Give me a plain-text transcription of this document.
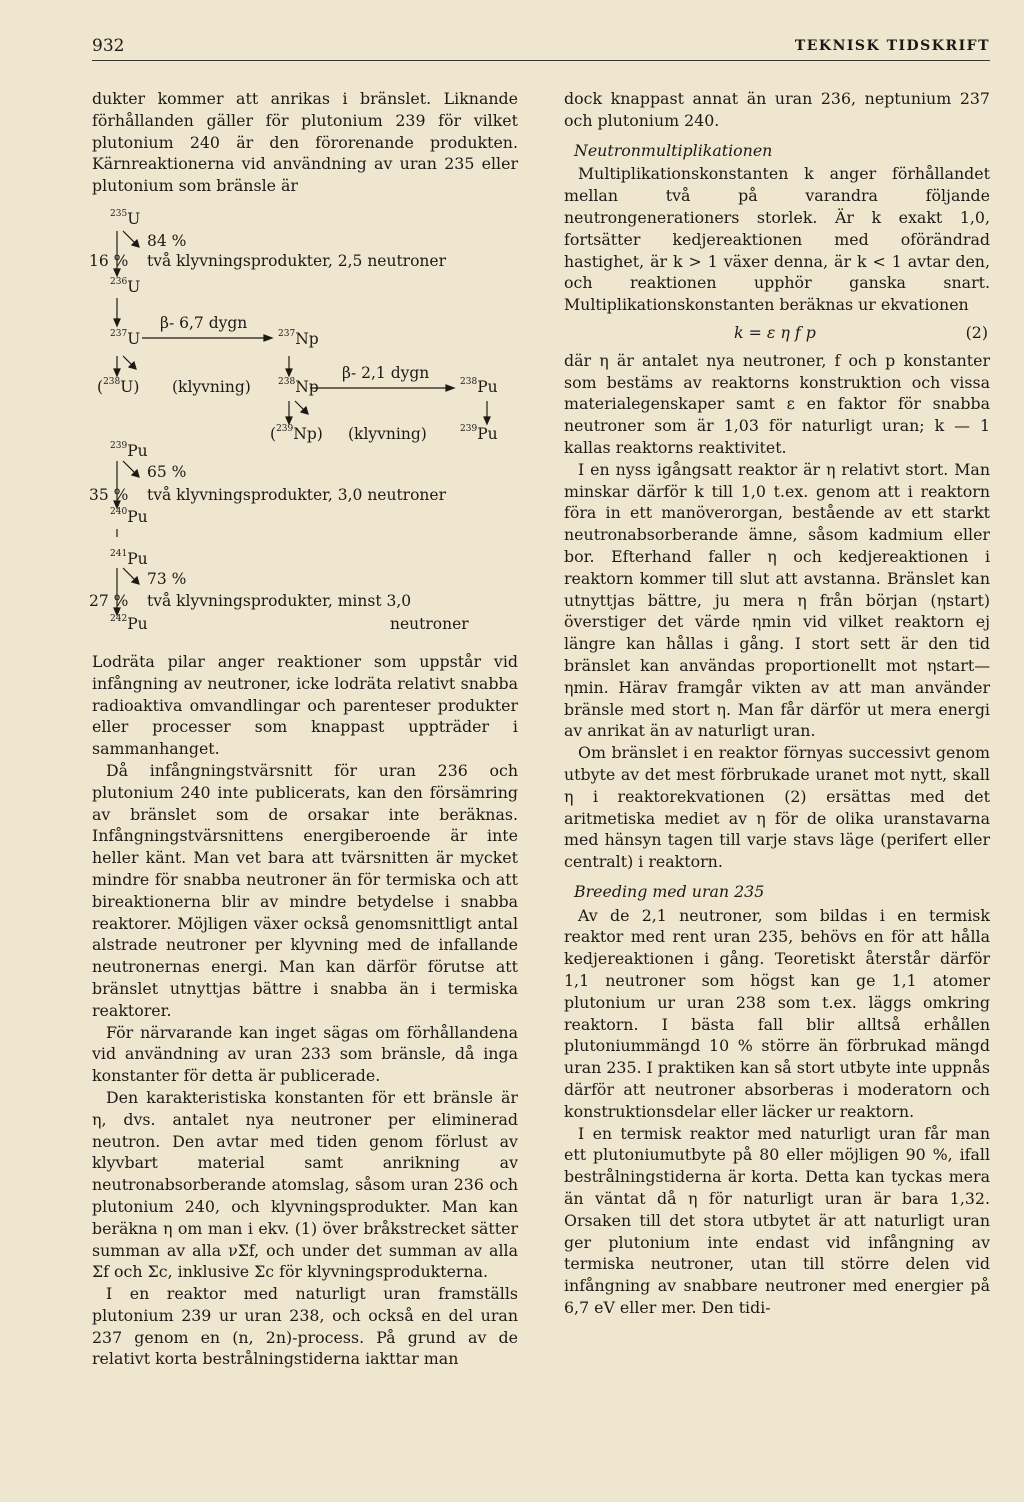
932	TEKNISK TIDSKRIFT

dukter kommer att anrikas i bränslet. Liknande förhållanden gäller för plutonium 239 för vilket plutonium 240 är den förorenande produkten. Kärnreaktionerna vid användning av uran 235 eller plutonium som bränsle är

$^{235}$U
84 %
16 % två klyvningsprodukter, 2,5 neutroner
$^{236}$U
β- 6,7 dygn
$^{237}$U	$^{237}$Np
($^{238}$U) (klyvning)	$^{238}$Np
β- 2,1 dygn	$^{238}$Pu
($^{239}$Np) (klyvning)	$^{239}$Pu
$^{239}$Pu
65 %
35 % två klyvningsprodukter, 3,0 neutroner
$^{240}$Pu
$^{241}$Pu
73 %
27 % två klyvningsprodukter, minst 3,0
$^{242}$Pu	neutroner

Lodräta pilar anger reaktioner som uppstår vid infångning av neutroner, icke lodräta relativt snabba radioaktiva omvandlingar och parenteser produkter eller processer som knappast uppträder i sammanhanget.

Då infångningstvärsnitt för uran 236 och plutonium 240 inte publicerats, kan den försämring av bränslet som de orsakar inte beräknas. Infångningstvärsnittens energiberoende är inte heller känt. Man vet bara att tvärsnitten är mycket mindre för snabba neutroner än för termiska och att bireaktionerna blir av mindre betydelse i snabba reaktorer. Möjligen växer också genomsnittligt antal alstrade neutroner per klyvning med de infallande neutronernas energi. Man kan därför förutse att bränslet utnyttjas bättre i snabba än i termiska reaktorer.

För närvarande kan inget sägas om förhållandena vid användning av uran 233 som bränsle, då inga konstanter för detta är publicerade.

Den karakteristiska konstanten för ett bränsle är η, dvs. antalet nya neutroner per eliminerad neutron. Den avtar med tiden genom förlust av klyvbart material samt anrikning av neutronabsorberande atomslag, såsom uran 236 och plutonium 240, och klyvningsprodukter. Man kan beräkna η om man i ekv. (1) över bråkstrecket sätter summan av alla νΣf, och under det summan av alla Σf och Σc, inklusive Σc för klyvningsprodukterna.

I en reaktor med naturligt uran framställs plutonium 239 ur uran 238, och också en del uran 237 genom en (n, 2n)-process. På grund av de relativt korta bestrålningstiderna iakttar man

dock knappast annat än uran 236, neptunium 237 och plutonium 240.

Neutronmultiplikationen

Multiplikationskonstanten k anger förhållandet mellan två på varandra följande neutrongenerationers storlek. Är k exakt 1,0, fortsätter kedjereaktionen med oförändrad hastighet, är k > 1 växer denna, är k < 1 avtar den, och reaktionen upphör ganska snart. Multiplikationskonstanten beräknas ur ekvationen

k = ε η f p	(2)

där η är antalet nya neutroner, f och p konstanter som bestäms av reaktorns konstruktion och vissa materialegenskaper samt ε en faktor för snabba neutroner som är 1,03 för naturligt uran; k — 1 kallas reaktorns reaktivitet.

I en nyss igångsatt reaktor är η relativt stort. Man minskar därför k till 1,0 t.ex. genom att i reaktorn föra in ett manöverorgan, bestående av ett starkt neutronabsorberande ämne, såsom kadmium eller bor. Efterhand faller η och kedjereaktionen i reaktorn kommer till slut att avstanna. Bränslet kan utnyttjas bättre, ju mera η från början (ηstart) överstiger det värde ηmin vid vilket reaktorn ej längre kan hållas i gång. I stort sett är den tid bränslet kan användas proportionellt mot ηstart—ηmin. Härav framgår vikten av att man använder bränsle med stort η. Man får därför ut mera energi av anrikat än av naturligt uran.

Om bränslet i en reaktor förnyas successivt genom utbyte av det mest förbrukade uranet mot nytt, skall η i reaktorekvationen (2) ersättas med det aritmetiska mediet av η för de olika uranstavarna med hänsyn tagen till varje stavs läge (perifert eller centralt) i reaktorn.

Breeding med uran 235

Av de 2,1 neutroner, som bildas i en termisk reaktor med rent uran 235, behövs en för att hålla kedjereaktionen i gång. Teoretiskt återstår därför 1,1 neutroner som högst kan ge 1,1 atomer plutonium ur uran 238 som t.ex. läggs omkring reaktorn. I bästa fall blir alltså erhållen plutoniummängd 10 % större än förbrukad mängd uran 235. I praktiken kan så stort utbyte inte uppnås därför att neutroner absorberas i moderatorn och konstruktionsdelar eller läcker ur reaktorn.

I en termisk reaktor med naturligt uran får man ett plutoniumutbyte på 80 eller möjligen 90 %, ifall bestrålningstiderna är korta. Detta kan tyckas mera än väntat då η för naturligt uran är bara 1,32. Orsaken till det stora utbytet är att naturligt uran ger plutonium inte endast vid infångning av termiska neutroner, utan till större delen vid infångning av snabbare neutroner med energier på 6,7 eV eller mer. Den tidi-
